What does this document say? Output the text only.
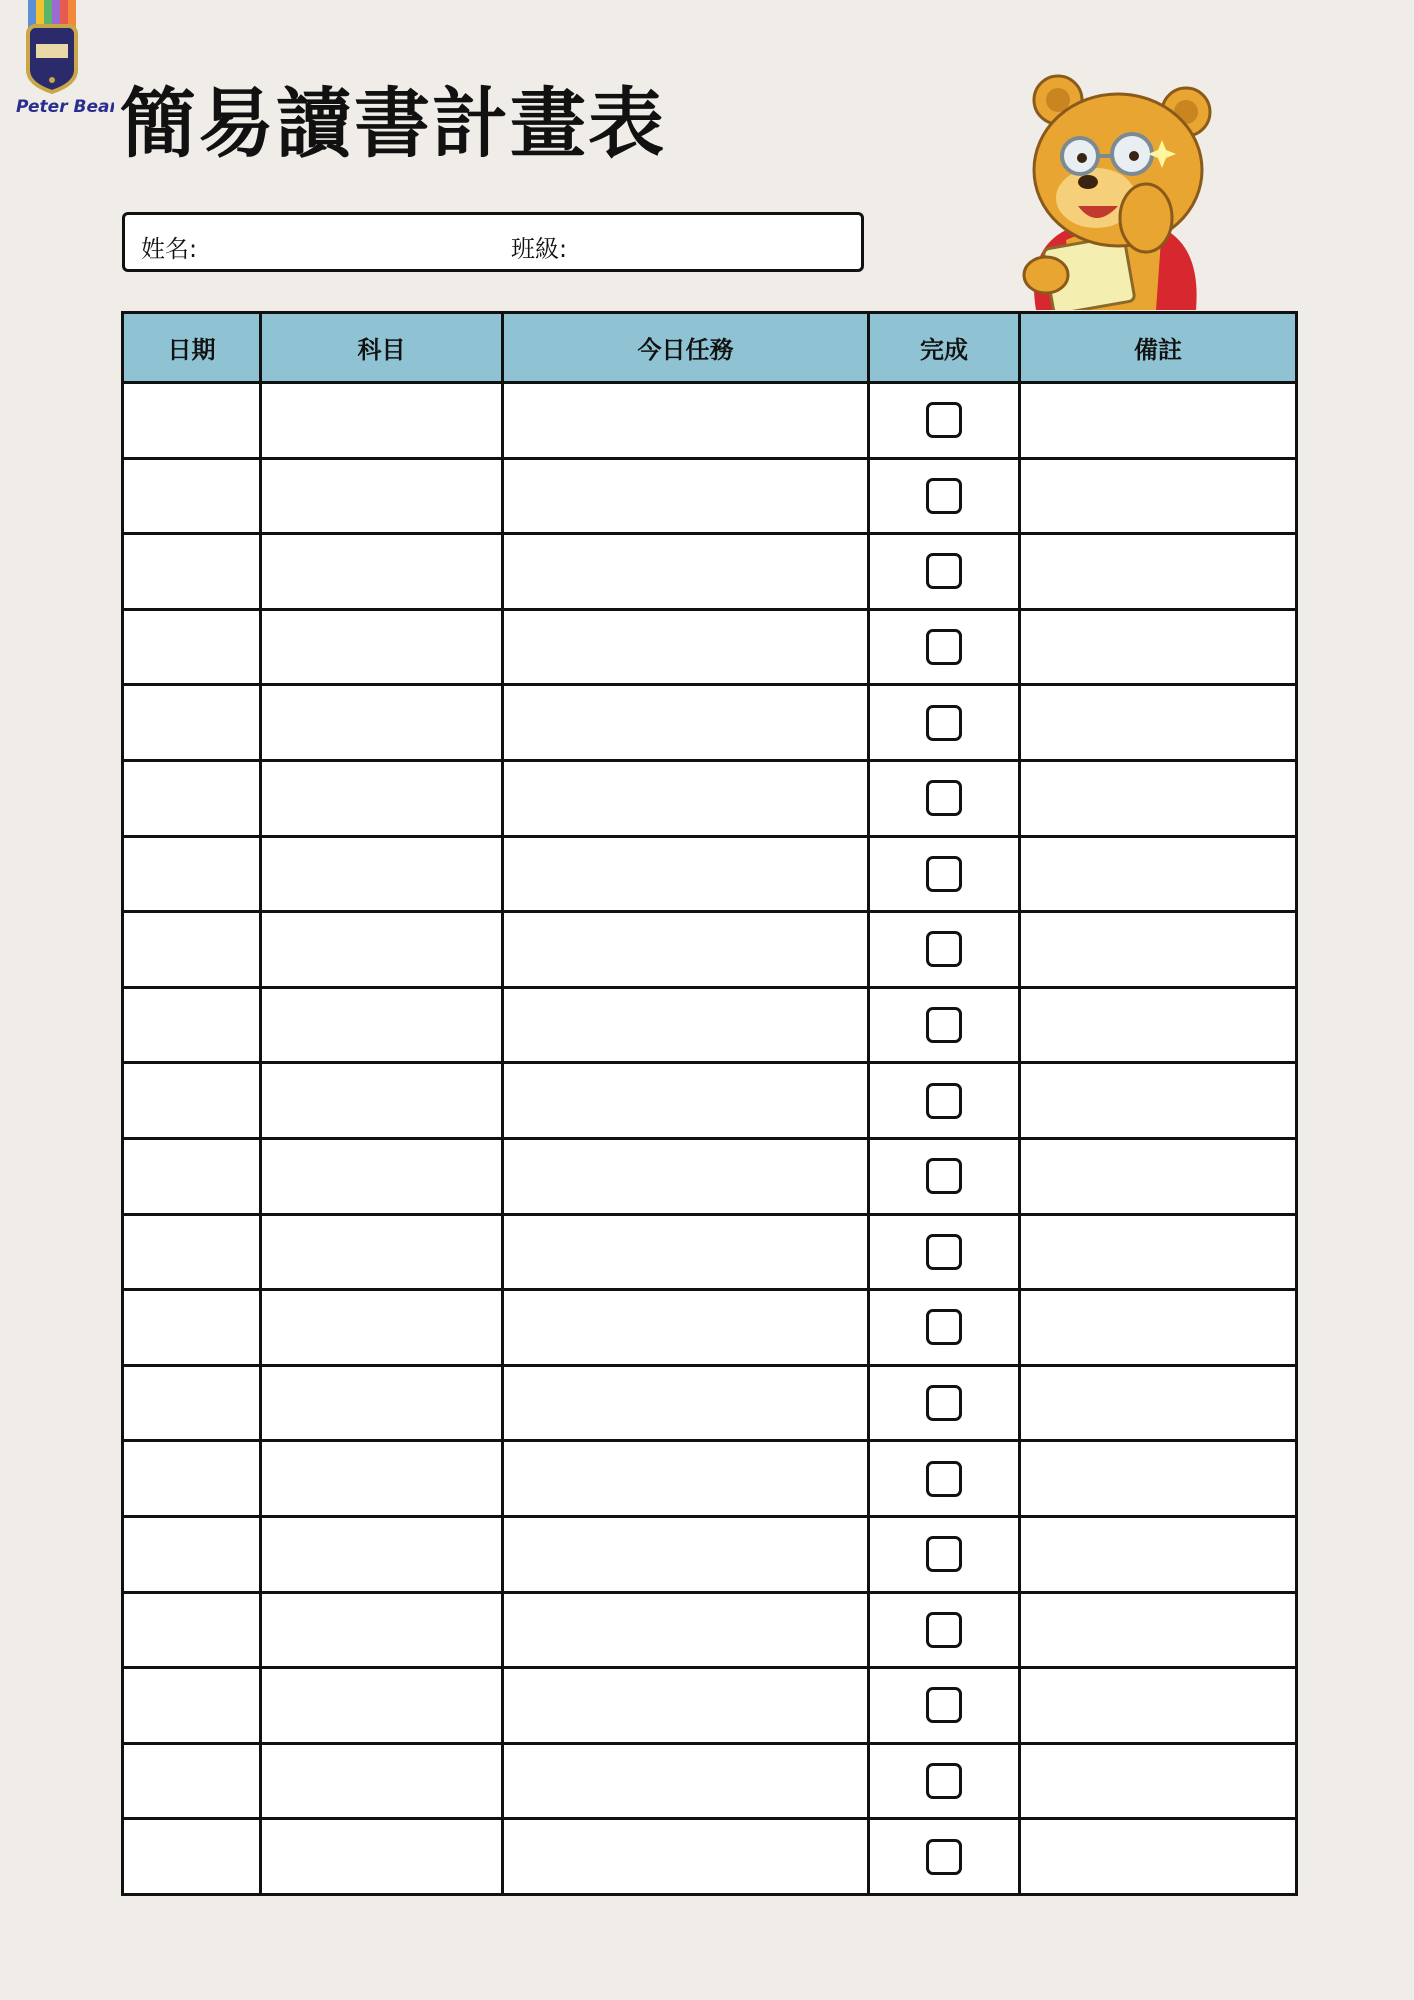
Peter Bear 簡易讀書計畫表
姓名:	班級:
日期	科目	今日任務	完成	備註
